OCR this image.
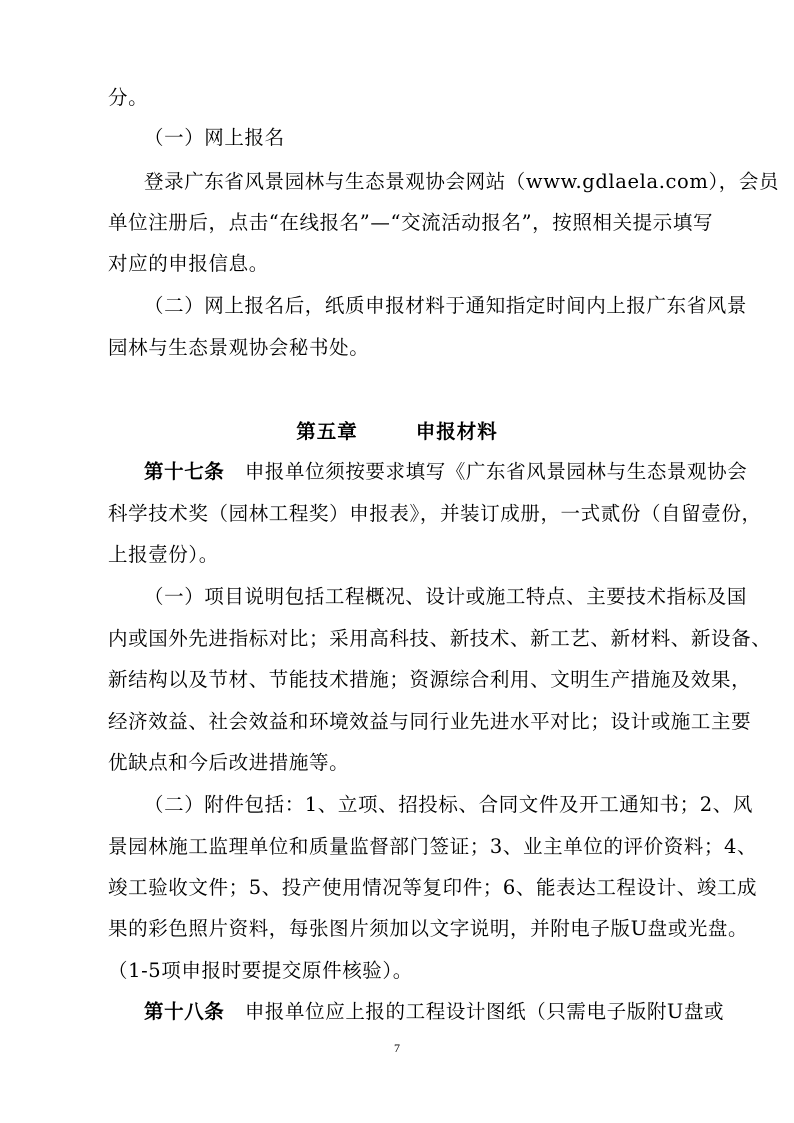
分。
（一）网上报名
登录广东省风景园林与生态景观协会网站（www.gdlaela.com），会员
单位注册后，点击“在线报名”—“交流活动报名”，按照相关提示填写
对应的申报信息。
（二）网上报名后，纸质申报材料于通知指定时间内上报广东省风景
园林与生态景观协会秘书处。
第五章	申报材料
第十七条 申报单位须按要求填写《广东省风景园林与生态景观协会
科学技术奖（园林工程奖）申报表》，并装订成册，一式贰份（自留壹份，
上报壹份）。
（一）项目说明包括工程概况、设计或施工特点、主要技术指标及国
内或国外先进指标对比；采用高科技、新技术、新工艺、新材料、新设备、
新结构以及节材、节能技术措施；资源综合利用、文明生产措施及效果，
经济效益、社会效益和环境效益与同行业先进水平对比；设计或施工主要
优缺点和今后改进措施等。
（二）附件包括：1、立项、招投标、合同文件及开工通知书；2、风
景园林施工监理单位和质量监督部门签证；3、业主单位的评价资料；4、
竣工验收文件；5、投产使用情况等复印件；6、能表达工程设计、竣工成
果的彩色照片资料，每张图片须加以文字说明，并附电子版U盘或光盘。
（1-5项申报时要提交原件核验）。
第十八条 申报单位应上报的工程设计图纸（只需电子版附U盘或
7
